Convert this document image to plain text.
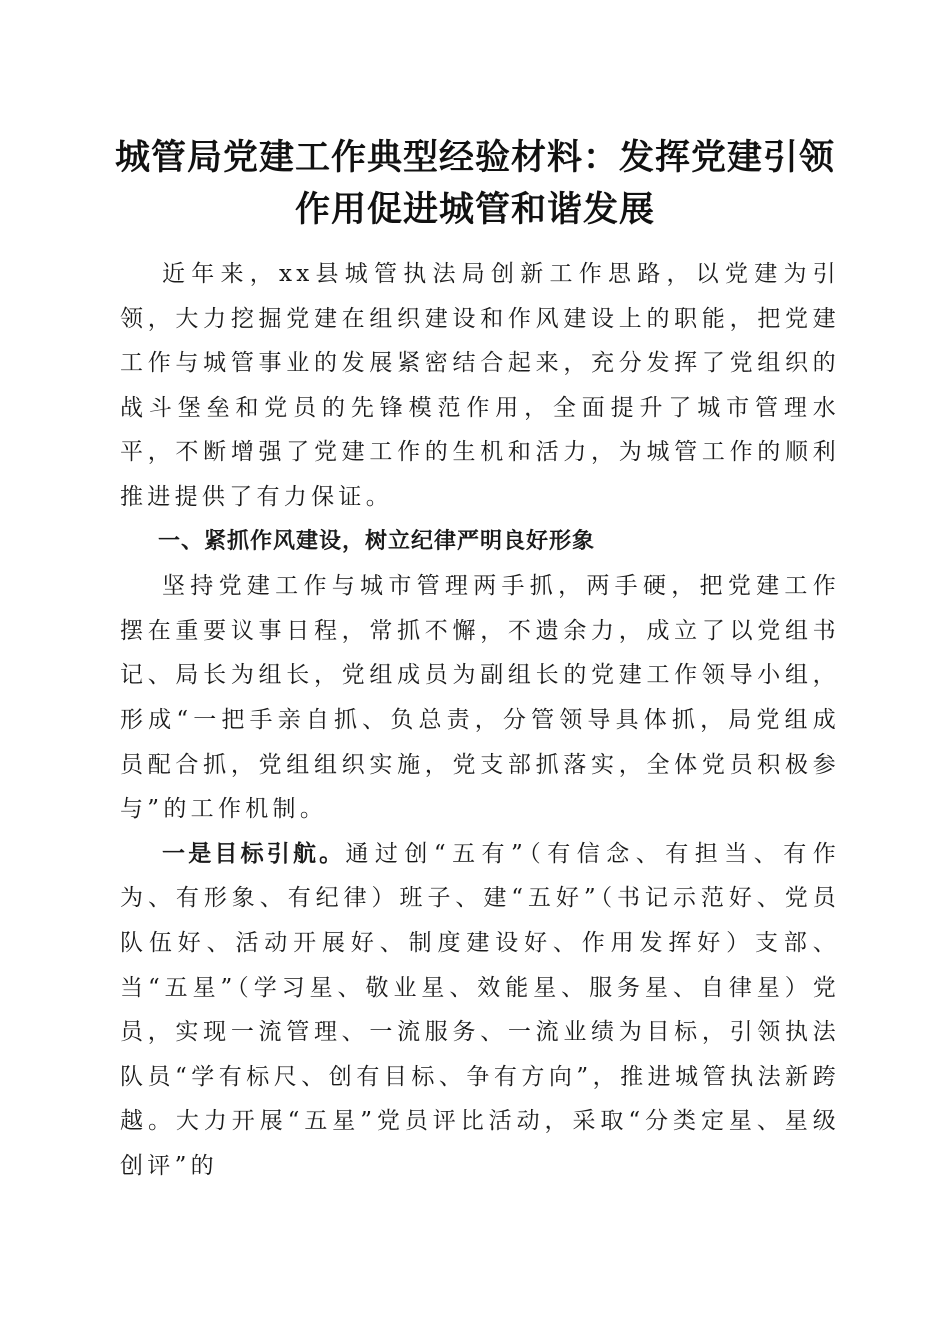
城管局党建工作典型经验材料：发挥党建引领
作用促进城管和谐发展

近年来，xx县城管执法局创新工作思路，以党建为引领，大力挖掘党建在组织建设和作风建设上的职能，把党建工作与城管事业的发展紧密结合起来，充分发挥了党组织的战斗堡垒和党员的先锋模范作用，全面提升了城市管理水平，不断增强了党建工作的生机和活力，为城管工作的顺利推进提供了有力保证。

一、紧抓作风建设，树立纪律严明良好形象

坚持党建工作与城市管理两手抓，两手硬，把党建工作摆在重要议事日程，常抓不懈，不遗余力，成立了以党组书记、局长为组长，党组成员为副组长的党建工作领导小组，形成“一把手亲自抓、负总责，分管领导具体抓，局党组成员配合抓，党组组织实施，党支部抓落实，全体党员积极参与”的工作机制。

一是目标引航。通过创“五有”（有信念、有担当、有作为、有形象、有纪律）班子、建“五好”（书记示范好、党员队伍好、活动开展好、制度建设好、作用发挥好）支部、当“五星”（学习星、敬业星、效能星、服务星、自律星）党员，实现一流管理、一流服务、一流业绩为目标，引领执法队员“学有标尺、创有目标、争有方向”，推进城管执法新跨越。大力开展“五星”党员评比活动，采取“分类定星、星级创评”的
